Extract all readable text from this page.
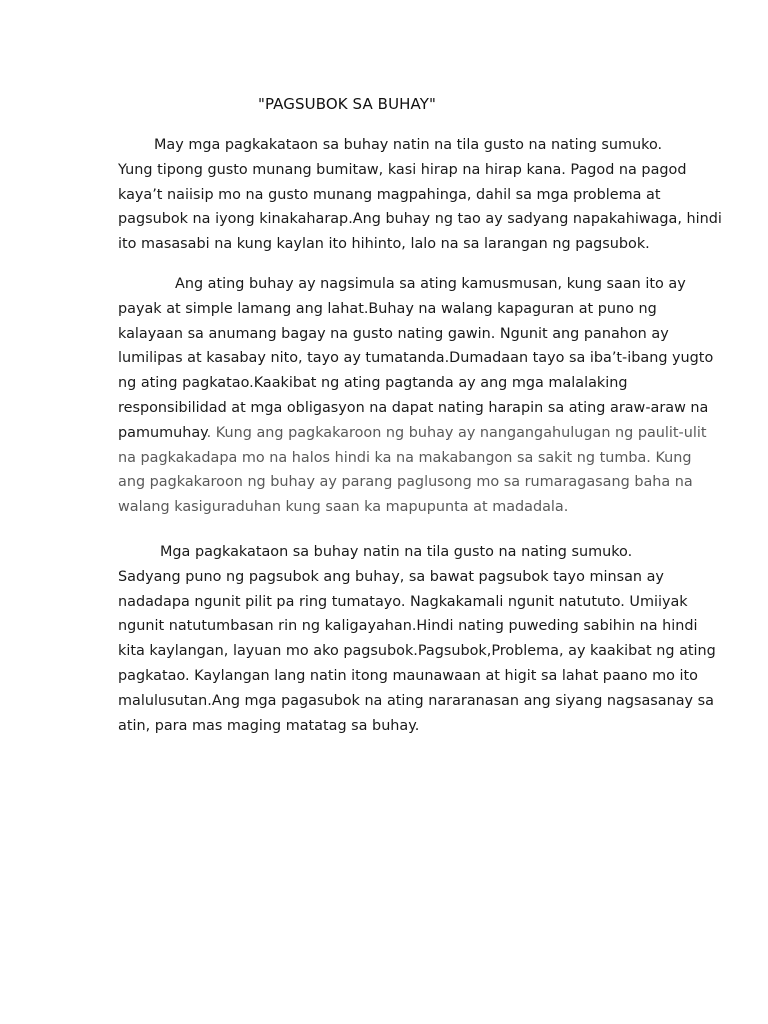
"PAGSUBOK SA BUHAY"
May mga pagkakataon sa buhay natin na tila gusto na nating sumuko.
Yung tipong gusto munang bumitaw, kasi hirap na hirap kana. Pagod na pagod
kaya’t naiisip mo na gusto munang magpahinga, dahil sa mga problema at
pagsubok na iyong kinakaharap.Ang buhay ng tao ay sadyang napakahiwaga, hindi
ito masasabi na kung kaylan ito hihinto, lalo na sa larangan ng pagsubok.
Ang ating buhay ay nagsimula sa ating kamusmusan, kung saan ito ay
payak at simple lamang ang lahat.Buhay na walang kapaguran at puno ng
kalayaan sa anumang bagay na gusto nating gawin. Ngunit ang panahon ay
lumilipas at kasabay nito, tayo ay tumatanda.Dumadaan tayo sa iba’t-ibang yugto
ng ating pagkatao.Kaakibat ng ating pagtanda ay ang mga malalaking
responsibilidad at mga obligasyon na dapat nating harapin sa ating araw-araw na
pamumuhay. Kung ang pagkakaroon ng buhay ay nangangahulugan ng paulit-ulit
na pagkakadapa mo na halos hindi ka na makabangon sa sakit ng tumba. Kung
ang pagkakaroon ng buhay ay parang paglusong mo sa rumaragasang baha na
walang kasiguraduhan kung saan ka mapupunta at madadala.
Mga pagkakataon sa buhay natin na tila gusto na nating sumuko.
Sadyang puno ng pagsubok ang buhay, sa bawat pagsubok tayo minsan ay
nadadapa ngunit pilit pa ring tumatayo. Nagkakamali ngunit natututo. Umiiyak
ngunit natutumbasan rin ng kaligayahan.Hindi nating puweding sabihin na hindi
kita kaylangan, layuan mo ako pagsubok.Pagsubok,Problema, ay kaakibat ng ating
pagkatao. Kaylangan lang natin itong maunawaan at higit sa lahat paano mo ito
malulusutan.Ang mga pagasubok na ating nararanasan ang siyang nagsasanay sa
atin, para mas maging matatag sa buhay.
